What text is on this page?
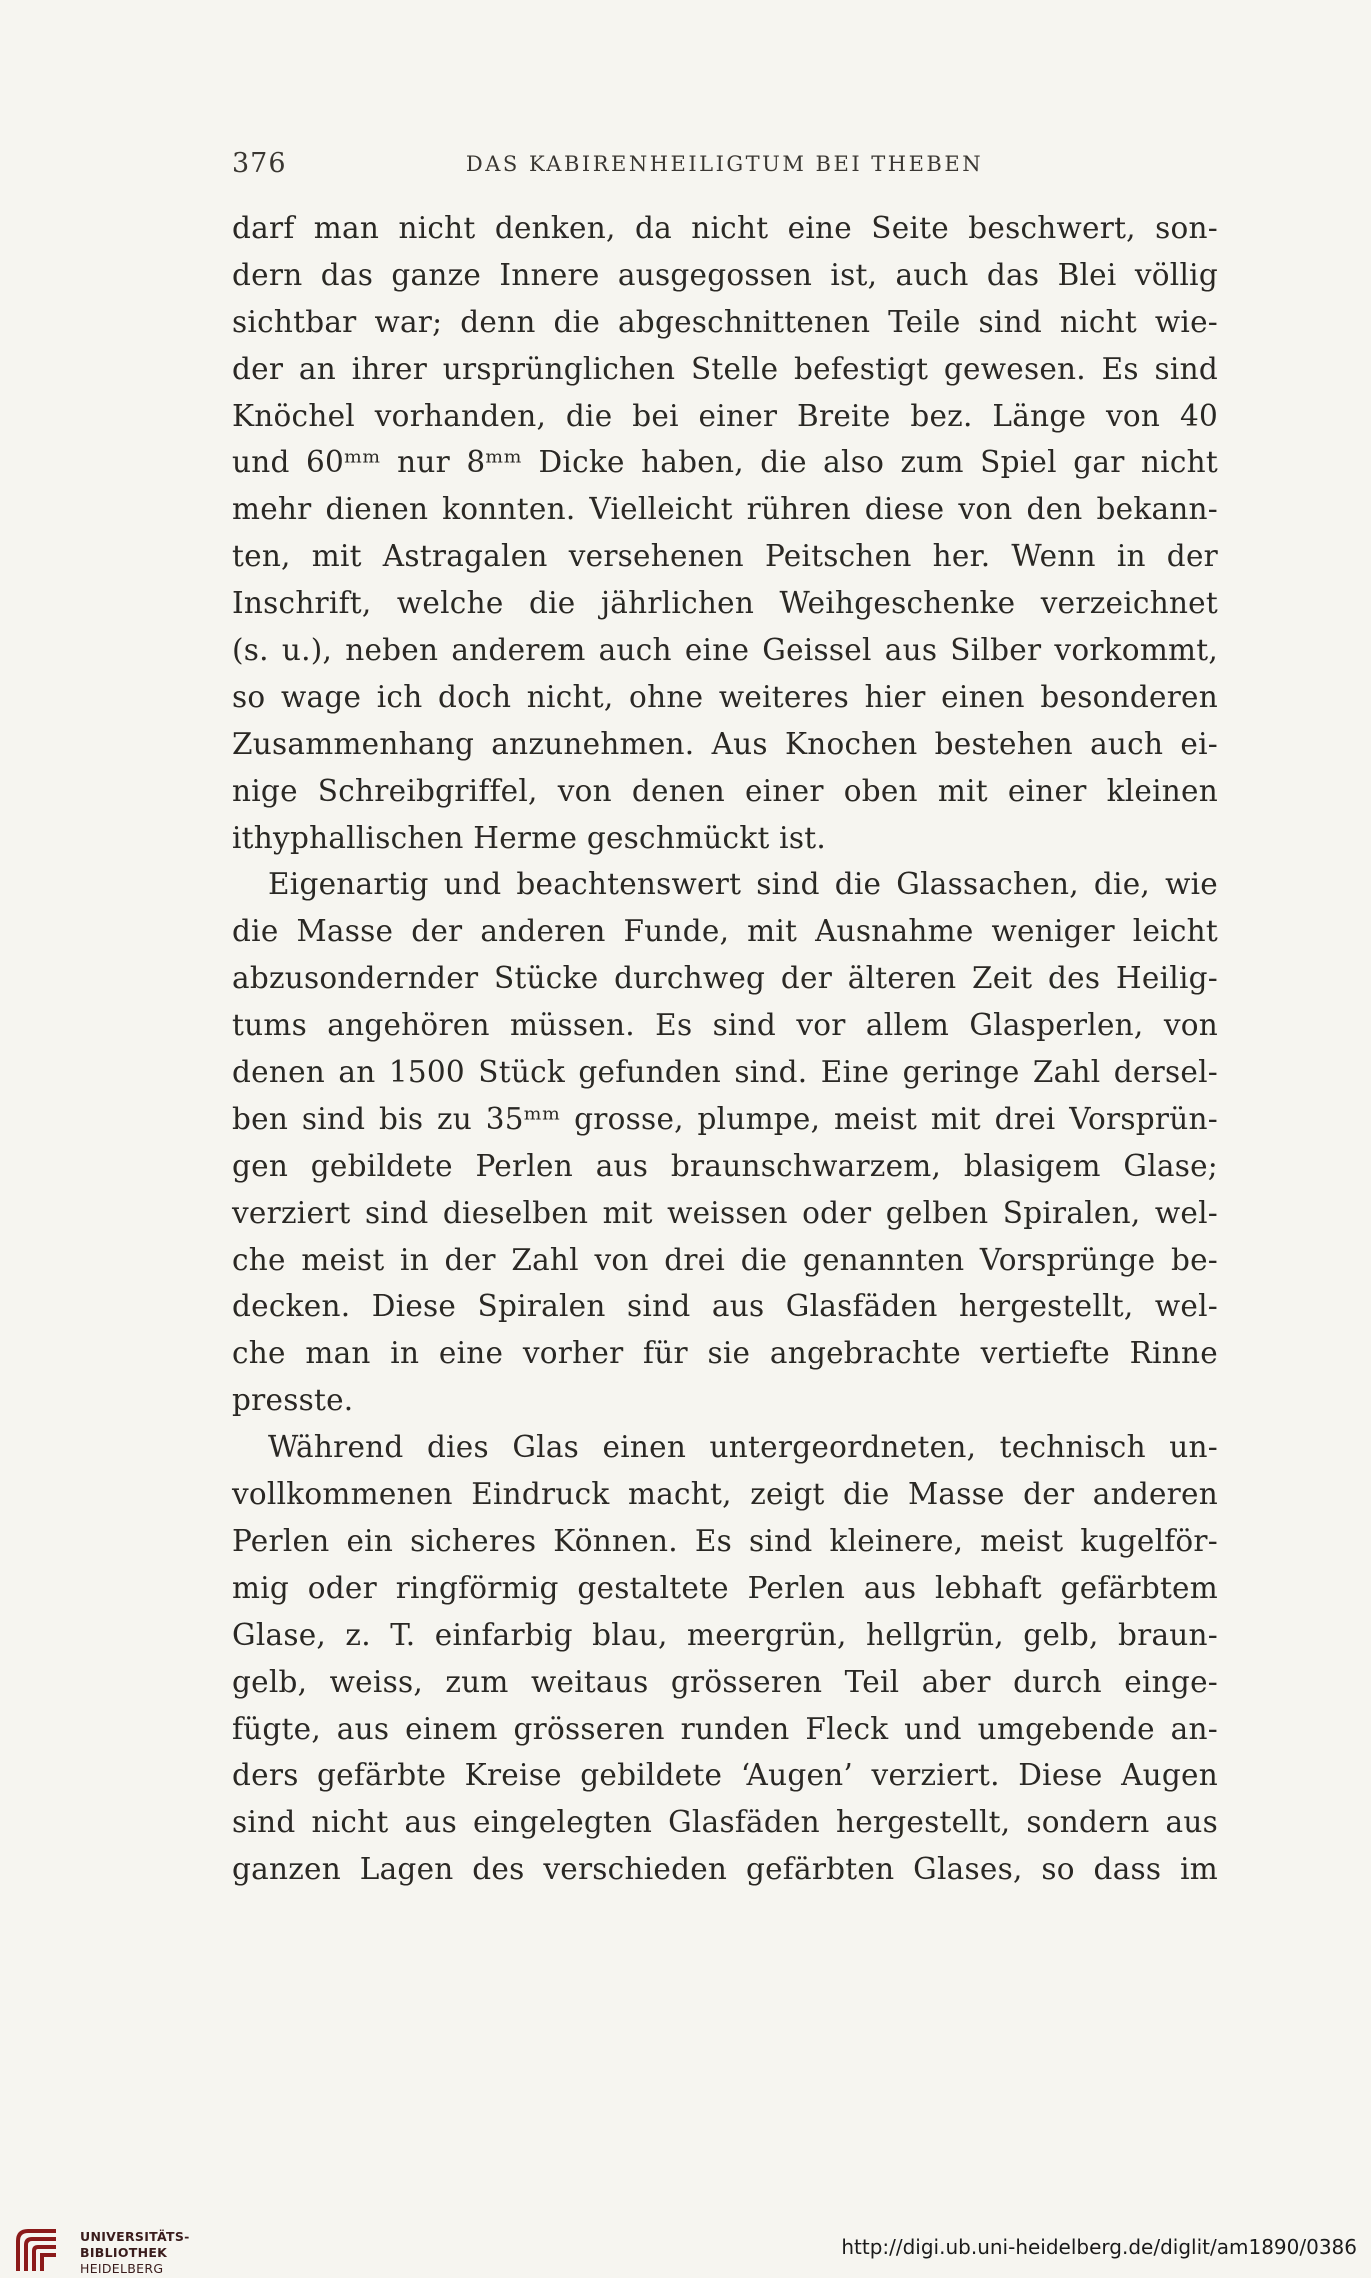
376	DAS KABIRENHEILIGTUM BEI THEBEN
darf man nicht denken, da nicht eine Seite beschwert, son-
dern das ganze Innere ausgegossen ist, auch das Blei völlig
sichtbar war; denn die abgeschnittenen Teile sind nicht wie-
der an ihrer ursprünglichen Stelle befestigt gewesen. Es sind
Knöchel vorhanden, die bei einer Breite bez. Länge von 40
und 60ᵐᵐ nur 8ᵐᵐ Dicke haben, die also zum Spiel gar nicht
mehr dienen konnten. Vielleicht rühren diese von den bekann-
ten, mit Astragalen versehenen Peitschen her. Wenn in der
Inschrift, welche die jährlichen Weihgeschenke verzeichnet
(s. u.), neben anderem auch eine Geissel aus Silber vorkommt,
so wage ich doch nicht, ohne weiteres hier einen besonderen
Zusammenhang anzunehmen. Aus Knochen bestehen auch ei-
nige Schreibgriffel, von denen einer oben mit einer kleinen
ithyphallischen Herme geschmückt ist.
Eigenartig und beachtenswert sind die Glassachen, die, wie
die Masse der anderen Funde, mit Ausnahme weniger leicht
abzusondernder Stücke durchweg der älteren Zeit des Heilig-
tums angehören müssen. Es sind vor allem Glasperlen, von
denen an 1500 Stück gefunden sind. Eine geringe Zahl dersel-
ben sind bis zu 35ᵐᵐ grosse, plumpe, meist mit drei Vorsprün-
gen gebildete Perlen aus braunschwarzem, blasigem Glase;
verziert sind dieselben mit weissen oder gelben Spiralen, wel-
che meist in der Zahl von drei die genannten Vorsprünge be-
decken. Diese Spiralen sind aus Glasfäden hergestellt, wel-
che man in eine vorher für sie angebrachte vertiefte Rinne
presste.
Während dies Glas einen untergeordneten, technisch un-
vollkommenen Eindruck macht, zeigt die Masse der anderen
Perlen ein sicheres Können. Es sind kleinere, meist kugelför-
mig oder ringförmig gestaltete Perlen aus lebhaft gefärbtem
Glase, z. T. einfarbig blau, meergrün, hellgrün, gelb, braun-
gelb, weiss, zum weitaus grösseren Teil aber durch einge-
fügte, aus einem grösseren runden Fleck und umgebende an-
ders gefärbte Kreise gebildete ‘Augen’ verziert. Diese Augen
sind nicht aus eingelegten Glasfäden hergestellt, sondern aus
ganzen Lagen des verschieden gefärbten Glases, so dass im
UNIVERSITÄTS-
BIBLIOTHEK
HEIDELBERG
http://digi.ub.uni-heidelberg.de/diglit/am1890/0386
